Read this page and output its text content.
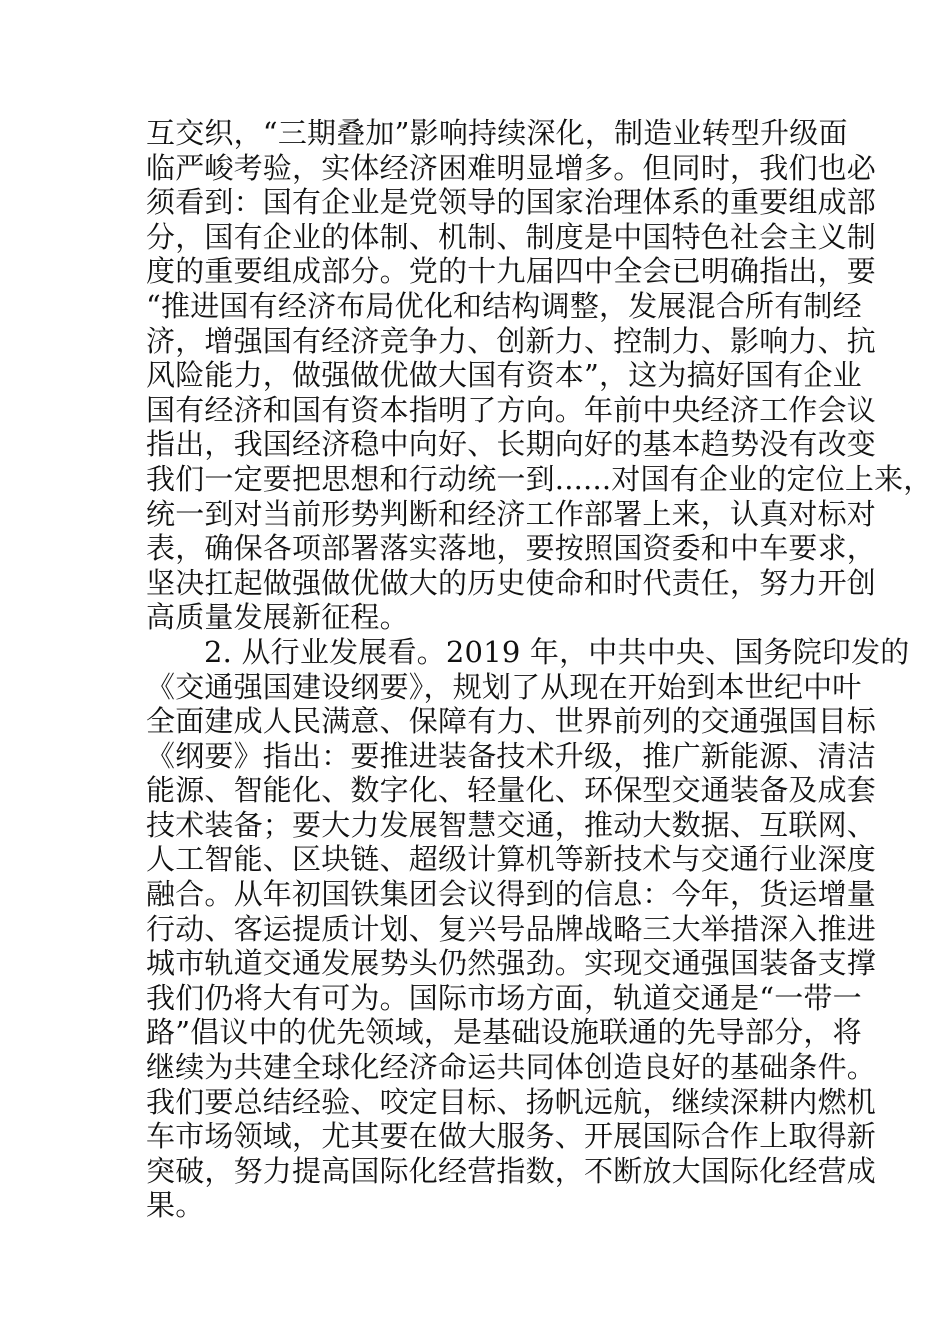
互交织，“三期叠加”影响持续深化，制造业转型升级面
临严峻考验，实体经济困难明显增多。但同时，我们也必
须看到：国有企业是党领导的国家治理体系的重要组成部
分，国有企业的体制、机制、制度是中国特色社会主义制
度的重要组成部分。党的十九届四中全会已明确指出，要
“推进国有经济布局优化和结构调整，发展混合所有制经
济，增强国有经济竞争力、创新力、控制力、影响力、抗
风险能力，做强做优做大国有资本”，这为搞好国有企业
国有经济和国有资本指明了方向。年前中央经济工作会议
指出，我国经济稳中向好、长期向好的基本趋势没有改变
我们一定要把思想和行动统一到......对国有企业的定位上来，
统一到对当前形势判断和经济工作部署上来，认真对标对
表，确保各项部署落实落地，要按照国资委和中车要求，
坚决扛起做强做优做大的历史使命和时代责任，努力开创
高质量发展新征程。
2. 从行业发展看。2019 年，中共中央、国务院印发的
《交通强国建设纲要》，规划了从现在开始到本世纪中叶
全面建成人民满意、保障有力、世界前列的交通强国目标
《纲要》指出：要推进装备技术升级，推广新能源、清洁
能源、智能化、数字化、轻量化、环保型交通装备及成套
技术装备；要大力发展智慧交通，推动大数据、互联网、
人工智能、区块链、超级计算机等新技术与交通行业深度
融合。从年初国铁集团会议得到的信息：今年，货运增量
行动、客运提质计划、复兴号品牌战略三大举措深入推进
城市轨道交通发展势头仍然强劲。实现交通强国装备支撑
我们仍将大有可为。国际市场方面，轨道交通是“一带一
路”倡议中的优先领域，是基础设施联通的先导部分，将
继续为共建全球化经济命运共同体创造良好的基础条件。
我们要总结经验、咬定目标、扬帆远航，继续深耕内燃机
车市场领域，尤其要在做大服务、开展国际合作上取得新
突破，努力提高国际化经营指数，不断放大国际化经营成
果。
